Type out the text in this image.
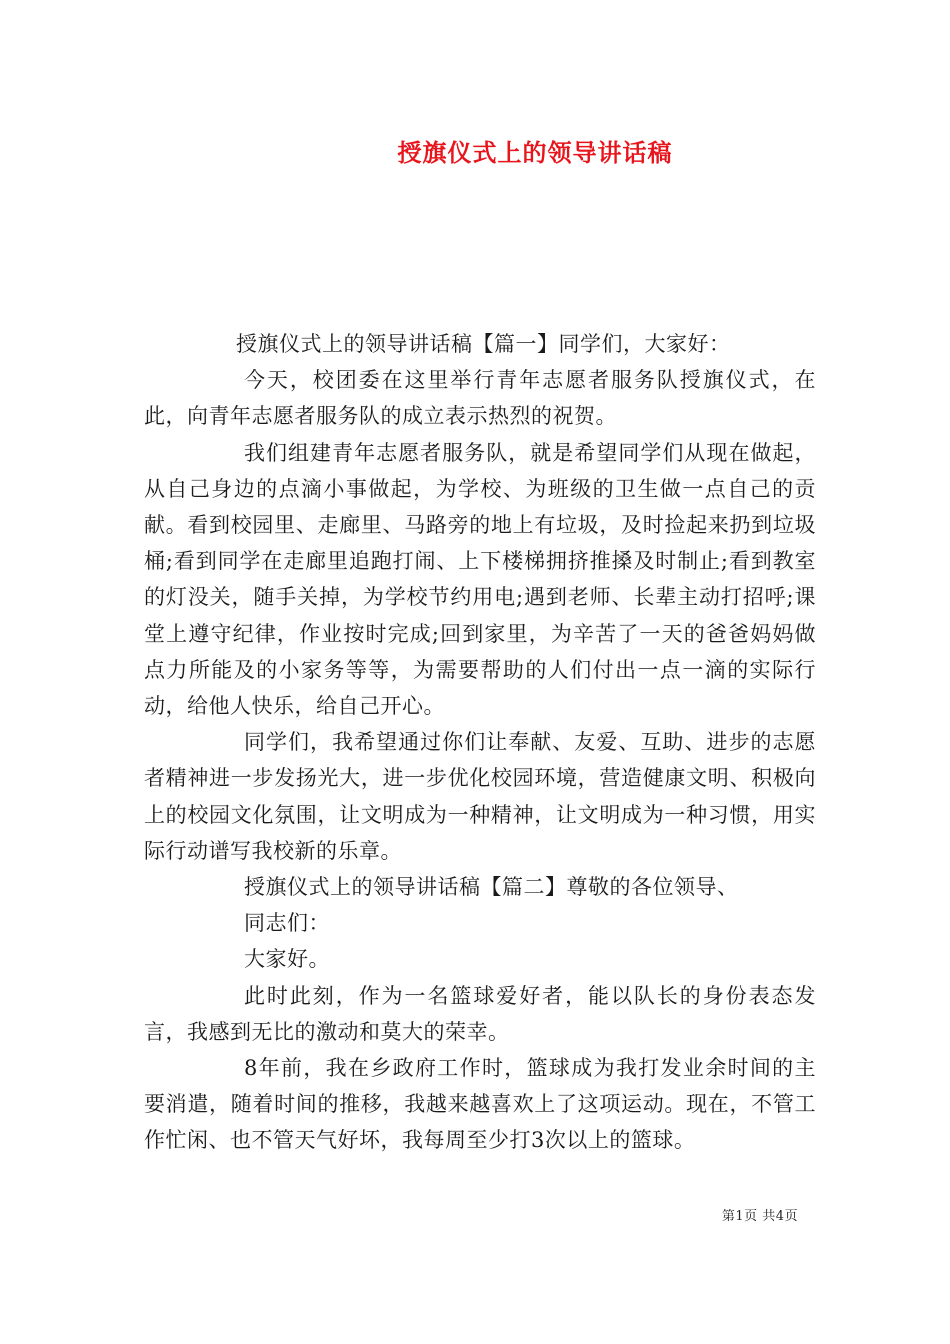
授旗仪式上的领导讲话稿

授旗仪式上的领导讲话稿【篇一】同学们，大家好：

今天，校团委在这里举行青年志愿者服务队授旗仪式，在此，向青年志愿者服务队的成立表示热烈的祝贺。

我们组建青年志愿者服务队，就是希望同学们从现在做起，从自己身边的点滴小事做起，为学校、为班级的卫生做一点自己的贡献。看到校园里、走廊里、马路旁的地上有垃圾，及时捡起来扔到垃圾桶;看到同学在走廊里追跑打闹、上下楼梯拥挤推搡及时制止;看到教室的灯没关，随手关掉，为学校节约用电;遇到老师、长辈主动打招呼;课堂上遵守纪律，作业按时完成;回到家里，为辛苦了一天的爸爸妈妈做点力所能及的小家务等等，为需要帮助的人们付出一点一滴的实际行动，给他人快乐，给自己开心。

同学们，我希望通过你们让奉献、友爱、互助、进步的志愿者精神进一步发扬光大，进一步优化校园环境，营造健康文明、积极向上的校园文化氛围，让文明成为一种精神，让文明成为一种习惯，用实际行动谱写我校新的乐章。

授旗仪式上的领导讲话稿【篇二】尊敬的各位领导、

同志们：

大家好。

此时此刻，作为一名篮球爱好者，能以队长的身份表态发言，我感到无比的激动和莫大的荣幸。

8年前，我在乡政府工作时，篮球成为我打发业余时间的主要消遣，随着时间的推移，我越来越喜欢上了这项运动。现在，不管工作忙闲、也不管天气好坏，我每周至少打3次以上的篮球。

第1页 共4页
